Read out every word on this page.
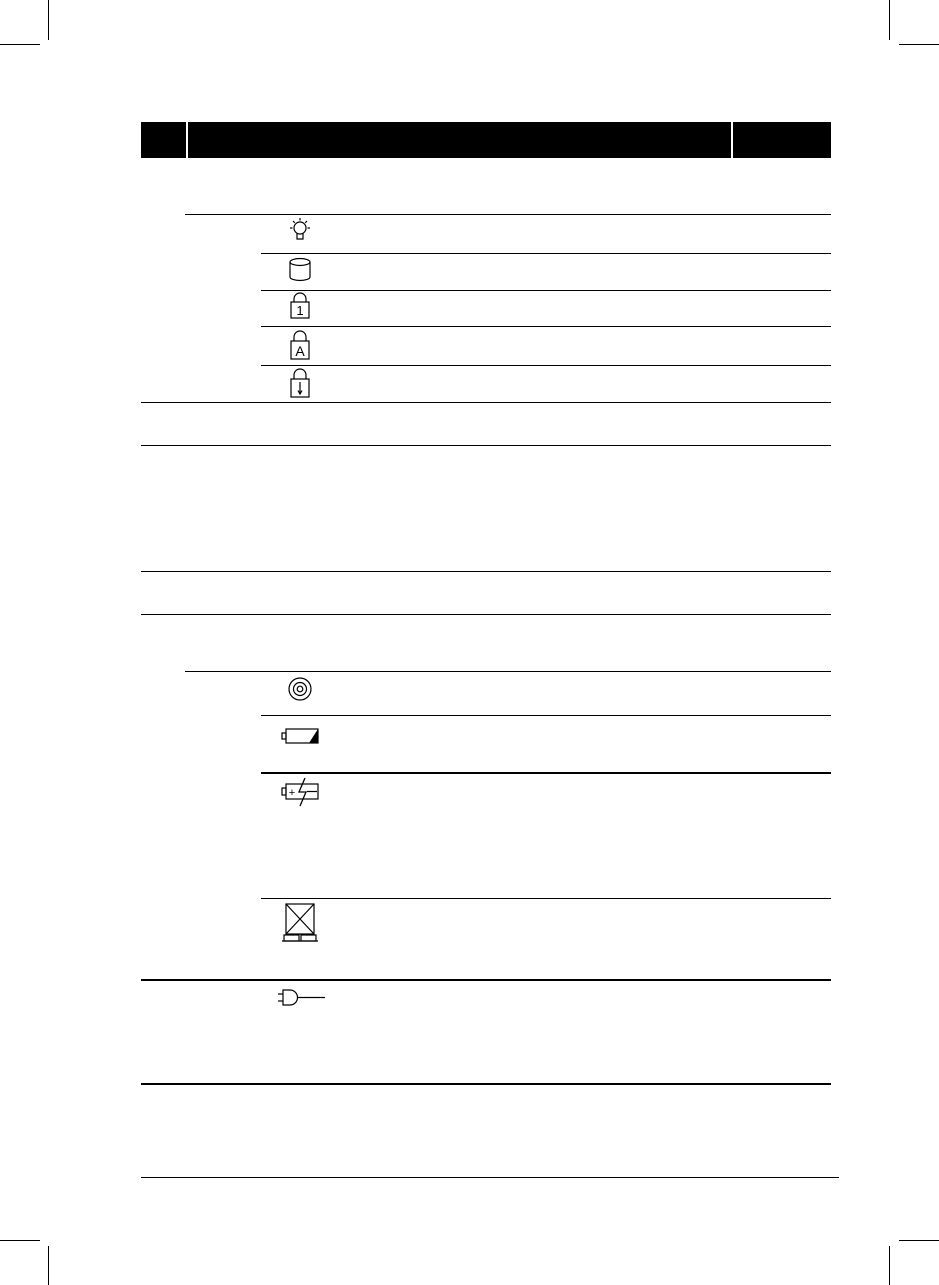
1
A
+
